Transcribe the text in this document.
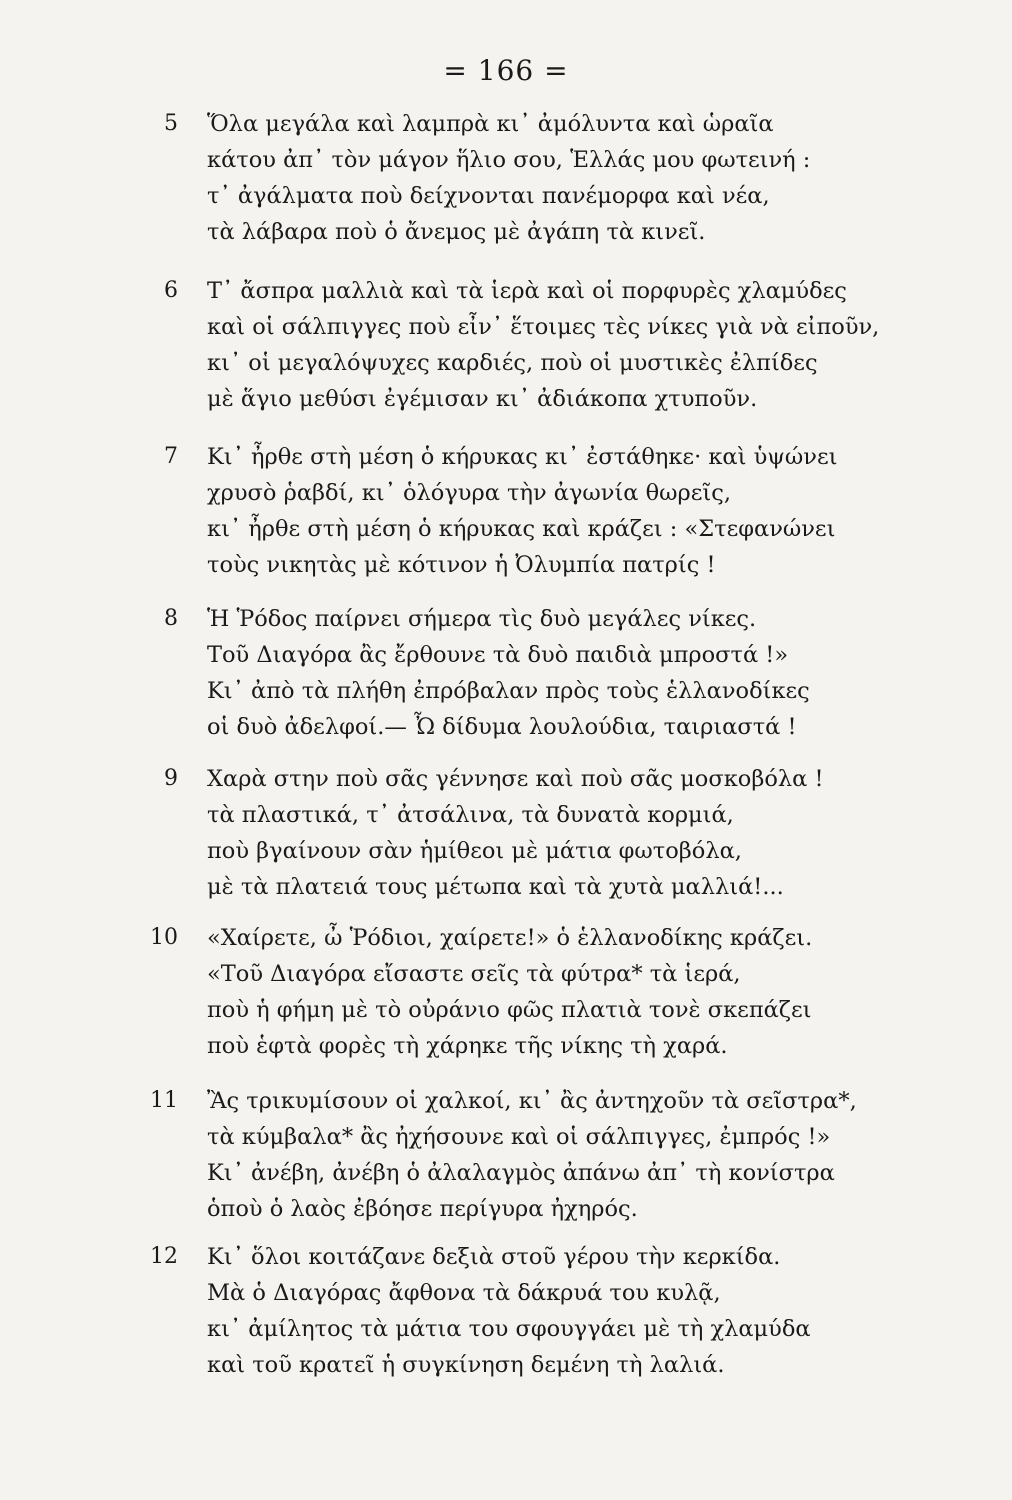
= 166 =
5 Ὅλα μεγάλα καὶ λαμπρὰ κι᾽ ἀμόλυντα καὶ ὡραῖα
κάτου ἀπ᾽ τὸν μάγον ἥλιο σου, Ἑλλάς μου φωτεινή :
τ᾽ ἀγάλματα ποὺ δείχνονται πανέμορφα καὶ νέα,
τὰ λάβαρα ποὺ ὁ ἄνεμος μὲ ἀγάπη τὰ κινεῖ.
6 Τ᾽ ἄσπρα μαλλιὰ καὶ τὰ ἱερὰ καὶ οἱ πορφυρὲς χλαμύδες
καὶ οἱ σάλπιγγες ποὺ εἶν᾽ ἕτοιμες τὲς νίκες γιὰ νὰ εἰποῦν,
κι᾽ οἱ μεγαλόψυχες καρδιές, ποὺ οἱ μυστικὲς ἐλπίδες
μὲ ἅγιο μεθύσι ἐγέμισαν κι᾽ ἀδιάκοπα χτυποῦν.
7 Κι᾽ ἦρθε στὴ μέση ὁ κήρυκας κι᾽ ἐστάθηκε· καὶ ὑψώνει
χρυσὸ ῥαβδί, κι᾽ ὁλόγυρα τὴν ἀγωνία θωρεῖς,
κι᾽ ἦρθε στὴ μέση ὁ κήρυκας καὶ κράζει : «Στεφανώνει
τοὺς νικητὰς μὲ κότινον ἡ Ὀλυμπία πατρίς !
8 Ἡ Ῥόδος παίρνει σήμερα τὶς δυὸ μεγάλες νίκες.
Τοῦ Διαγόρα ἂς ἔρθουνε τὰ δυὸ παιδιὰ μπροστά !»
Κι᾽ ἀπὸ τὰ πλήθη ἐπρόβαλαν πρὸς τοὺς ἑλλανοδίκες
οἱ δυὸ ἀδελφοί.— Ὦ δίδυμα λουλούδια, ταιριαστά !
9 Χαρὰ στην ποὺ σᾶς γέννησε καὶ ποὺ σᾶς μοσκοβόλα !
τὰ πλαστικά, τ᾽ ἀτσάλινα, τὰ δυνατὰ κορμιά,
ποὺ βγαίνουν σὰν ἡμίθεοι μὲ μάτια φωτοβόλα,
μὲ τὰ πλατειά τους μέτωπα καὶ τὰ χυτὰ μαλλιά!...
10 «Χαίρετε, ὦ Ῥόδιοι, χαίρετε!» ὁ ἑλλανοδίκης κράζει.
«Τοῦ Διαγόρα εἴσαστε σεῖς τὰ φύτρα* τὰ ἱερά,
ποὺ ἡ φήμη μὲ τὸ οὐράνιο φῶς πλατιὰ τονὲ σκεπάζει
ποὺ ἑφτὰ φορὲς τὴ χάρηκε τῆς νίκης τὴ χαρά.
11 Ἂς τρικυμίσουν οἱ χαλκοί, κι᾽ ἂς ἀντηχοῦν τὰ σεῖστρα*,
τὰ κύμβαλα* ἂς ἠχήσουνε καὶ οἱ σάλπιγγες, ἐμπρός !»
Κι᾽ ἀνέβη, ἀνέβη ὁ ἀλαλαγμὸς ἀπάνω ἀπ᾽ τὴ κονίστρα
ὁποὺ ὁ λαὸς ἐβόησε περίγυρα ἠχηρός.
12 Κι᾽ ὅλοι κοιτάζανε δεξιὰ στοῦ γέρου τὴν κερκίδα.
Μὰ ὁ Διαγόρας ἄφθονα τὰ δάκρυά του κυλᾷ,
κι᾽ ἀμίλητος τὰ μάτια του σφουγγάει μὲ τὴ χλαμύδα
καὶ τοῦ κρατεῖ ἡ συγκίνηση δεμένη τὴ λαλιά.
